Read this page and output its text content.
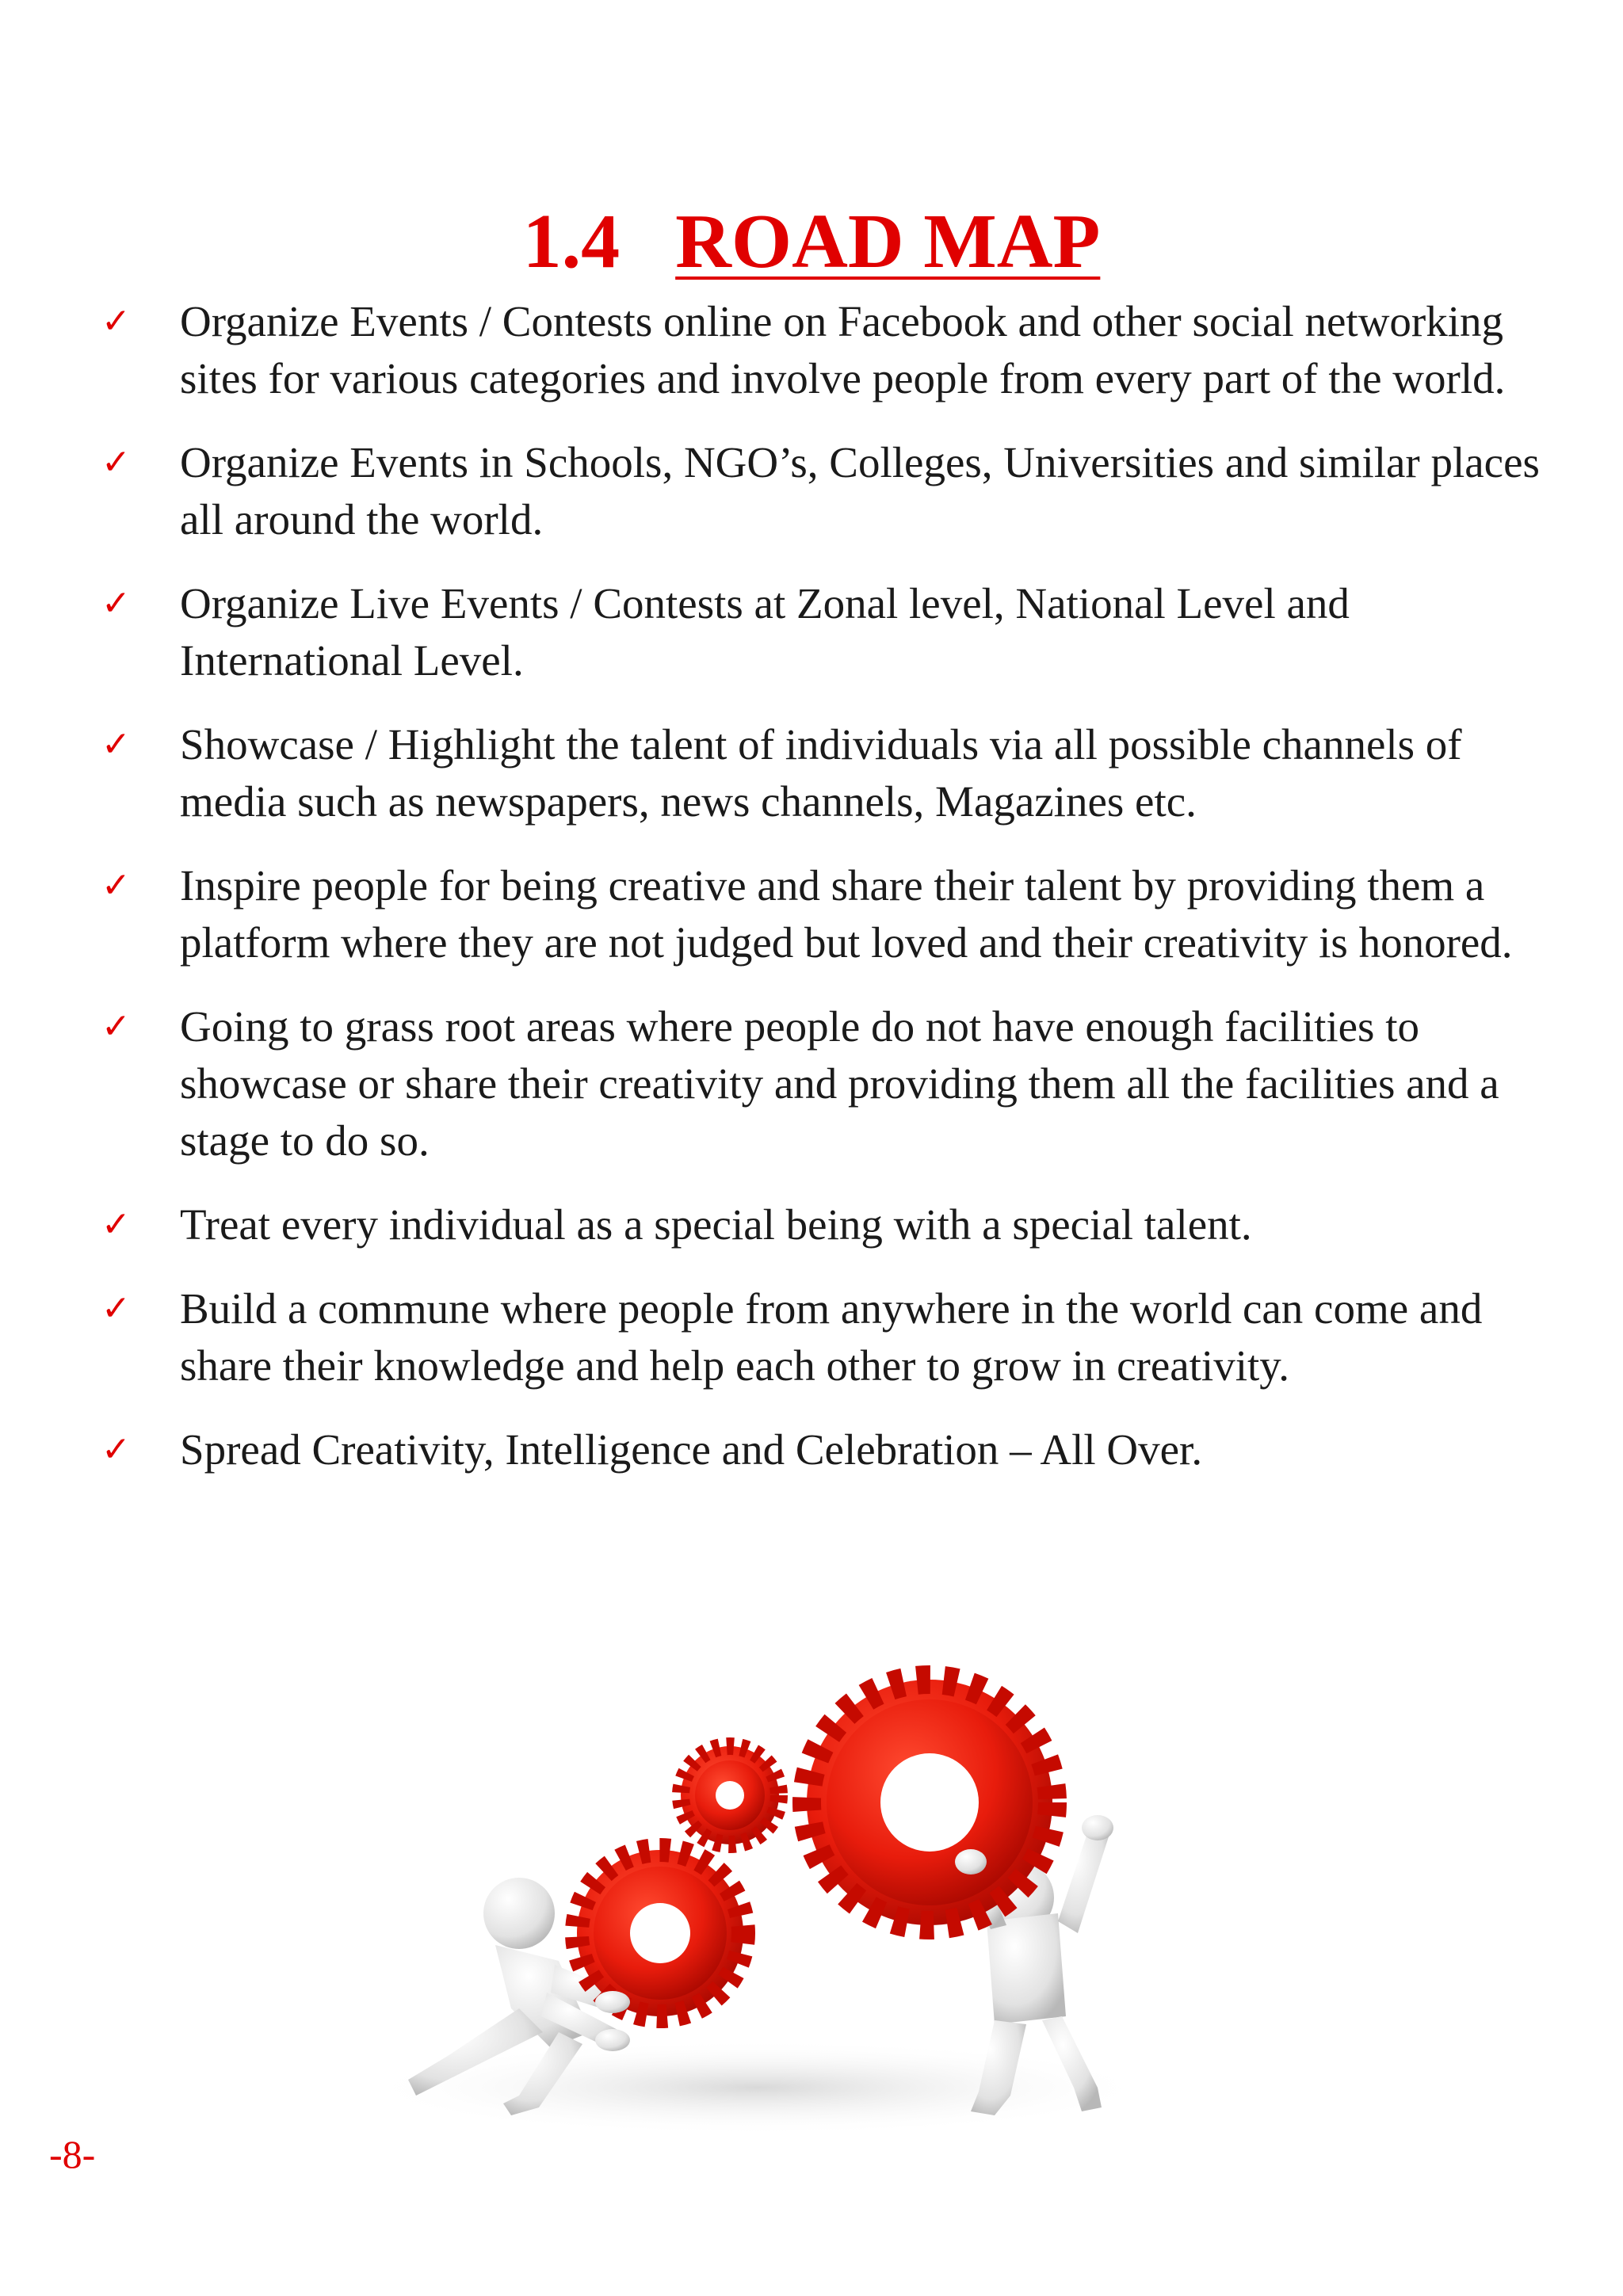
1.4 ROAD MAP
✓ Organize Events / Contests online on Facebook and other social networking sites for various categories and involve people from every part of the world.
✓ Organize Events in Schools, NGO’s, Colleges, Universities and similar places all around the world.
✓ Organize Live Events / Contests at Zonal level, National Level and International Level.
✓ Showcase / Highlight the talent of individuals via all possible channels of media such as newspapers, news channels, Magazines etc.
✓ Inspire people for being creative and share their talent by providing them a platform where they are not judged but loved and their creativity is honored.
✓ Going to grass root areas where people do not have enough facilities to showcase or share their creativity and providing them all the facilities and a stage to do so.
✓ Treat every individual as a special being with a special talent.
✓ Build a commune where people from anywhere in the world can come and share their knowledge and help each other to grow in creativity.
✓ Spread Creativity, Intelligence and Celebration – All Over.
-8-
